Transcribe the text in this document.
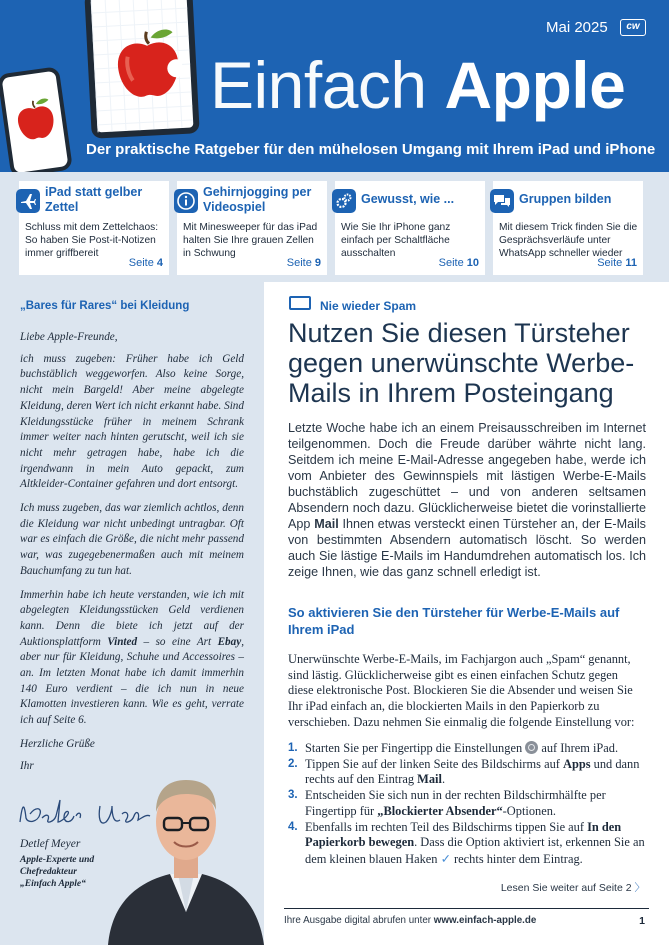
Mai 2025	cw
Einfach Apple
Der praktische Ratgeber für den mühelosen Umgang mit Ihrem iPad und iPhone
iPad statt gelber Zettel
Schluss mit dem Zettelchaos: So haben Sie Post-it-Notizen immer griffbereit
Seite 4
Gehirnjogging per Videospiel
Mit Minesweeper für das iPad halten Sie Ihre grauen Zellen in Schwung
Seite 9
Gewusst, wie ...
Wie Sie Ihr iPhone ganz einfach per Schaltfläche ausschalten
Seite 10
Gruppen bilden
Mit diesem Trick finden Sie die Gesprächsverläufe unter WhatsApp schneller wieder
Seite 11
„Bares für Rares“ bei Kleidung

Liebe Apple-Freunde,

ich muss zugeben: Früher habe ich Geld buchstäblich weggeworfen. Also keine Sorge, nicht mein Bargeld! Aber meine abgelegte Kleidung, deren Wert ich nicht erkannt habe. Sind Kleidungsstücke früher in meinem Schrank immer weiter nach hinten gerutscht, weil ich sie nicht mehr getragen habe, habe ich die irgendwann in mein Auto gepackt, zum Altkleider-Container gefahren und dort entsorgt.

Ich muss zugeben, das war ziemlich achtlos, denn die Kleidung war nicht unbedingt untragbar. Oft war es einfach die Größe, die nicht mehr passend war, was zugegebenermaßen auch mit meinem Bauchumfang zu tun hat.

Immerhin habe ich heute verstanden, wie ich mit abgelegten Kleidungsstücken Geld verdienen kann. Denn die biete ich jetzt auf der Auktionsplattform Vinted – so eine Art Ebay, aber nur für Kleidung, Schuhe und Accessoires – an. Im letzten Monat habe ich damit immerhin 140 Euro verdient – die ich nun in neue Klamotten investieren kann. Wie es geht, verrate ich auf Seite 6.

Herzliche Grüße

Ihr

Detlef Meyer
Apple-Experte und Chefredakteur „Einfach Apple“
Nie wieder Spam
Nutzen Sie diesen Türsteher gegen unerwünschte Werbe-Mails in Ihrem Posteingang
Letzte Woche habe ich an einem Preisausschreiben im Internet teilgenommen. Doch die Freude darüber währte nicht lang. Seitdem ich meine E-Mail-Adresse angegeben habe, werde ich vom Anbieter des Gewinnspiels mit lästigen Werbe-E-Mails buchstäblich zugeschüttet – und von anderen seltsamen Absendern noch dazu. Glücklicherweise bietet die vorinstallierte App Mail Ihnen etwas versteckt einen Türsteher an, der E-Mails von bestimmten Absendern automatisch löscht. So werden auch Sie lästige E-Mails im Handumdrehen automatisch los. Ich zeige Ihnen, wie das ganz schnell erledigt ist.
So aktivieren Sie den Türsteher für Werbe-E-Mails auf Ihrem iPad
Unerwünschte Werbe-E-Mails, im Fachjargon auch „Spam“ genannt, sind lästig. Glücklicherweise gibt es einen einfachen Schutz gegen diese elektronische Post. Blockieren Sie die Absender und weisen Sie Ihr iPad einfach an, die blockierten Mails in den Papierkorb zu verschieben. Dazu nehmen Sie einmalig die folgende Einstellung vor:
1. Starten Sie per Fingertipp die Einstellungen  auf Ihrem iPad.
2. Tippen Sie auf der linken Seite des Bildschirms auf Apps und dann rechts auf den Eintrag Mail.
3. Entscheiden Sie sich nun in der rechten Bildschirmhälfte per Fingertipp für „Blockierter Absender“-Optionen.
4. Ebenfalls im rechten Teil des Bildschirms tippen Sie auf In den Papierkorb bewegen. Dass die Option aktiviert ist, erkennen Sie an dem kleinen blauen Haken ✓ rechts hinter dem Eintrag.
Lesen Sie weiter auf Seite 2 〉
Ihre Ausgabe digital abrufen unter www.einfach-apple.de	1
